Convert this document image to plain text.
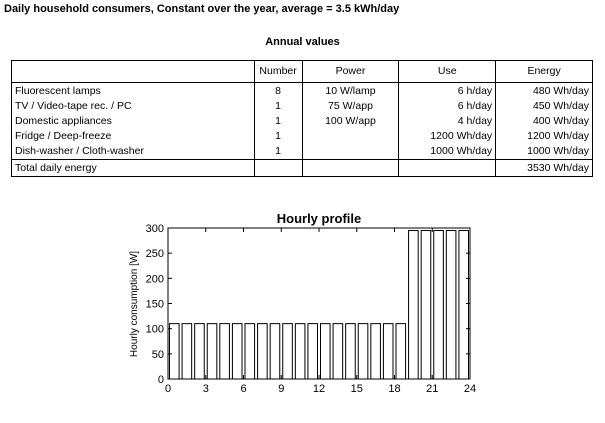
Daily household consumers, Constant over the year, average = 3.5 kWh/day
Annual values
	Number	Power	Use	Energy
Fluorescent lamps	8	10 W/lamp	6 h/day	480 Wh/day
TV / Video-tape rec. / PC	1	75 W/app	6 h/day	450 Wh/day
Domestic appliances	1	100 W/app	4 h/day	400 Wh/day
Fridge / Deep-freeze	1		1200 Wh/day	1200 Wh/day
Dish-washer / Cloth-washer	1		1000 Wh/day	1000 Wh/day
Total daily energy				3530 Wh/day
Hourly profile
0	3	6	9	12 15 18 21 24
0
50
100
150
200
250
300
Hourly consumption [W]
